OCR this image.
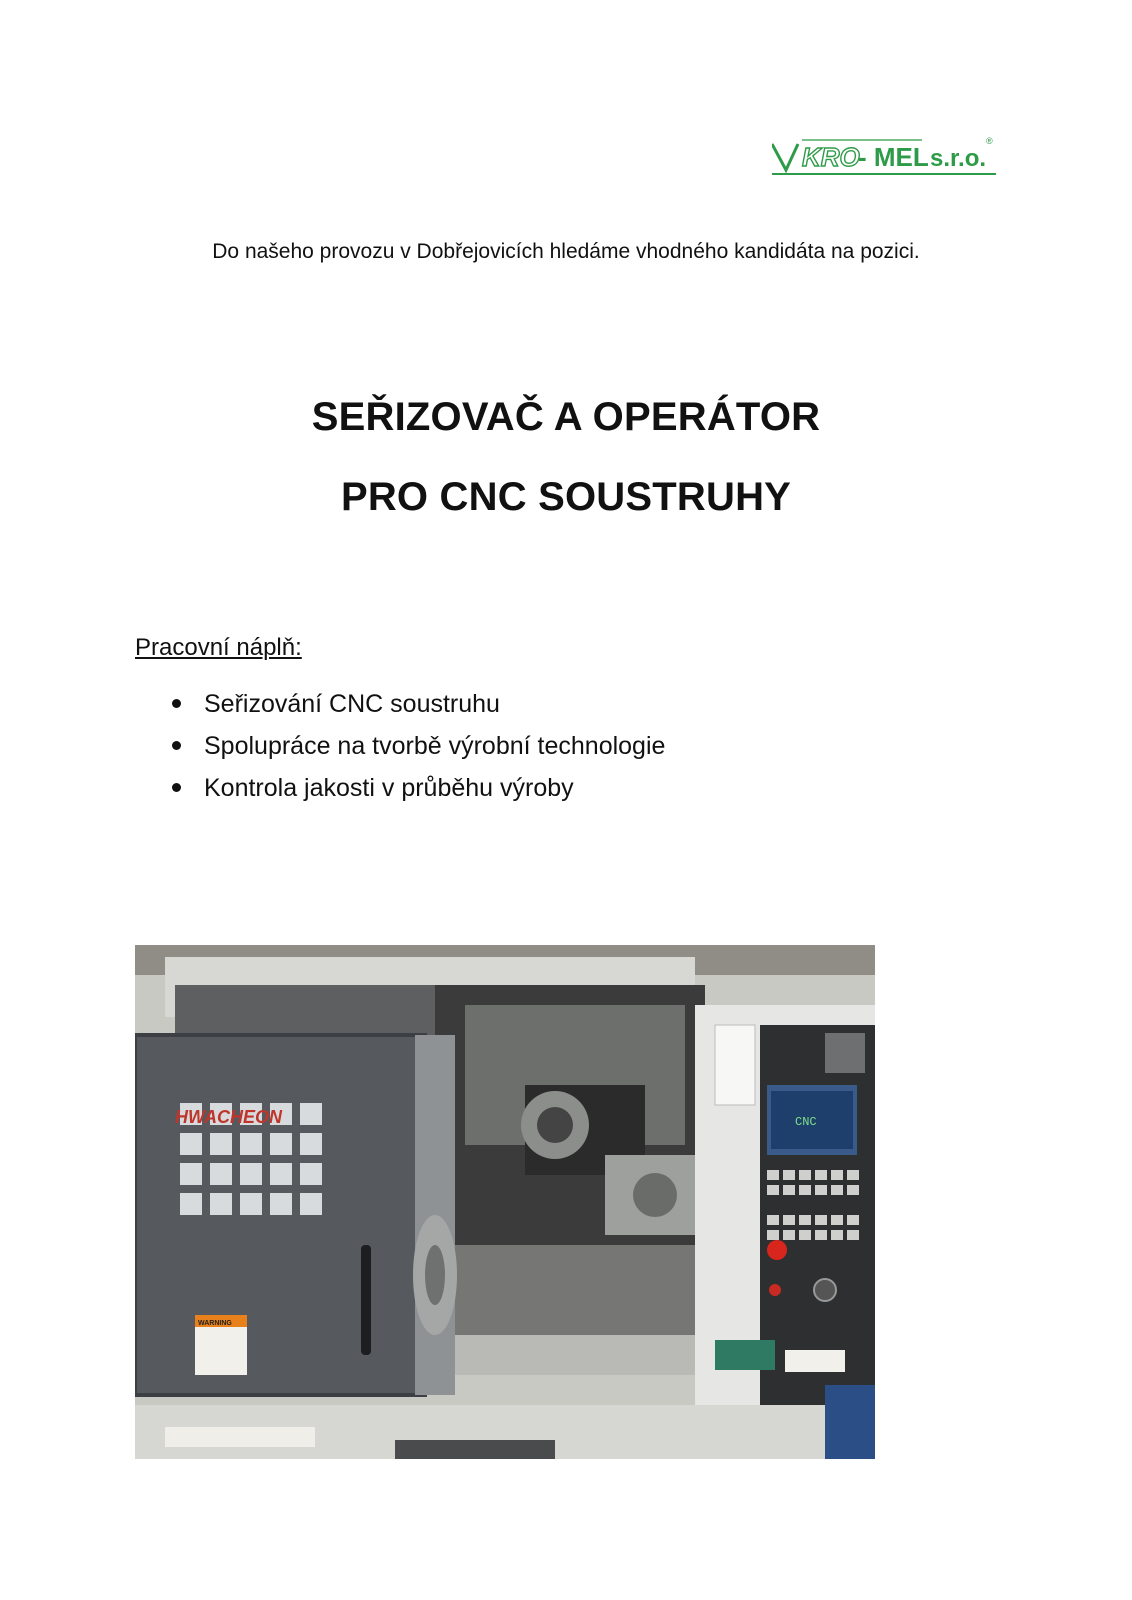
KRO
- MEL s.r.o.
®
Do našeho provozu v Dobřejovicích hledáme vhodného kandidáta na pozici.
SEŘIZOVAČ A OPERÁTOR
PRO CNC SOUSTRUHY
Pracovní náplň:
Seřizování CNC soustruhu
Spolupráce na tvorbě výrobní technologie
Kontrola jakosti v průběhu výroby
HWACHEON
WARNING
CNC
